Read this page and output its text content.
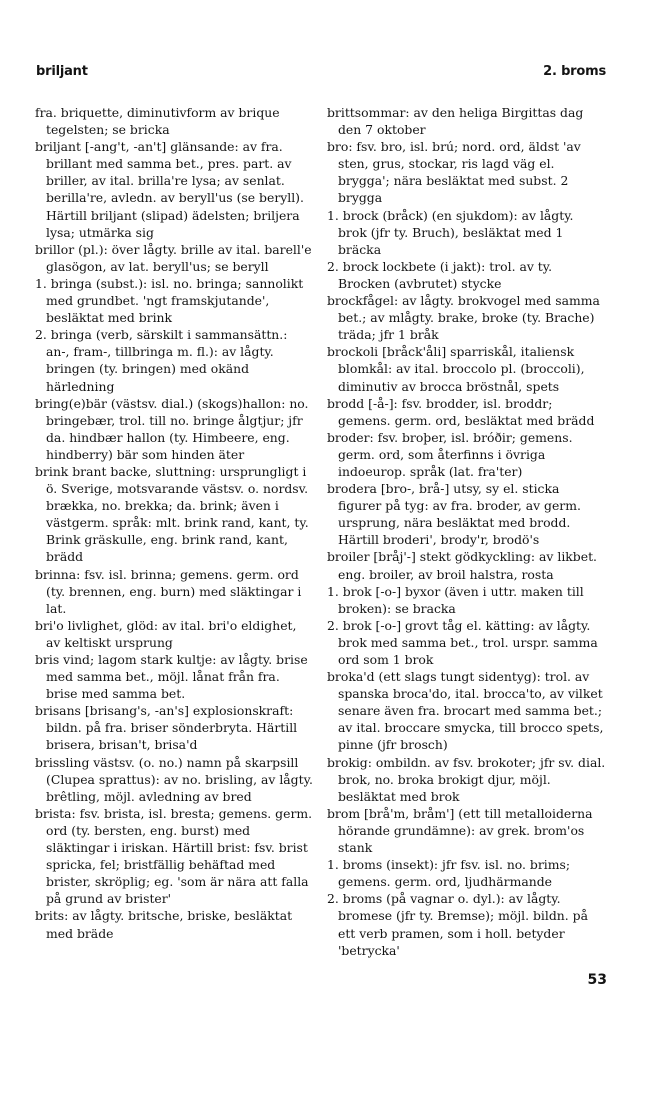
briljant	2. broms

fra. briquette, diminutivform av brique tegelsten; se bricka

briljant [-ang't, -an't] glänsande: av fra. brillant med samma bet., pres. part. av briller, av ital. brilla're lysa; av senlat. berilla're, avledn. av beryll'us (se beryll). Härtill briljant (slipad) ädelsten; briljera lysa; utmärka sig

brillor (pl.): över lågty. brille av ital. barell'e glasögon, av lat. beryll'us; se beryll

1. bringa (subst.): isl. no. bringa; sannolikt med grundbet. 'ngt framskjutande', besläktat med brink

2. bringa (verb, särskilt i sammansättn.: an-, fram-, tillbringa m. fl.): av lågty. bringen (ty. bringen) med okänd härledning

bring(e)bär (västsv. dial.) (skogs)hallon: no. bringebær, trol. till no. bringe ålgtjur; jfr da. hindbær hallon (ty. Himbeere, eng. hindberry) bär som hinden äter

brink brant backe, sluttning: ursprungligt i ö. Sverige, motsvarande västsv. o. nordsv. brækka, no. brekka; da. brink; även i västgerm. språk: mlt. brink rand, kant, ty. Brink gräskulle, eng. brink rand, kant, brädd

brinna: fsv. isl. brinna; gemens. germ. ord (ty. brennen, eng. burn) med släktingar i lat.

bri'o livlighet, glöd: av ital. bri'o eldighet, av keltiskt ursprung

bris vind; lagom stark kultje: av lågty. brise med samma bet., möjl. lånat från fra. brise med samma bet.

brisans [brisang's, -an's] explosionskraft: bildn. på fra. briser sönderbryta. Härtill brisera, brisan't, brisa'd

brissling västsv. (o. no.) namn på skarpsill (Clupea sprattus): av no. brisling, av lågty. brêtling, möjl. avledning av bred

brista: fsv. brista, isl. bresta; gemens. germ. ord (ty. bersten, eng. burst) med släktingar i iriskan. Härtill brist: fsv. brist spricka, fel; bristfällig behäftad med brister, skröplig; eg. 'som är nära att falla på grund av brister'

brits: av lågty. britsche, briske, besläktat med bräde

brittsommar: av den heliga Birgittas dag den 7 oktober

bro: fsv. bro, isl. brú; nord. ord, äldst 'av sten, grus, stockar, ris lagd väg el. brygga'; nära besläktat med subst. 2 brygga

1. brock (bråck) (en sjukdom): av lågty. brok (jfr ty. Bruch), besläktat med 1 bräcka

2. brock lockbete (i jakt): trol. av ty. Brocken (avbrutet) stycke

brockfågel: av lågty. brokvogel med samma bet.; av mlågty. brake, broke (ty. Brache) träda; jfr 1 bråk

brockoli [bråck'åli] sparriskål, italiensk blomkål: av ital. broccolo pl. (broccoli), diminutiv av brocca bröstnål, spets

brodd [-å-]: fsv. brodder, isl. broddr; gemens. germ. ord, besläktat med brädd

broder: fsv. broþer, isl. bróðir; gemens. germ. ord, som återfinns i övriga indoeurop. språk (lat. fra'ter)

brodera [bro-, brå-] utsy, sy el. sticka figurer på tyg: av fra. broder, av germ. ursprung, nära besläktat med brodd. Härtill broderi', brody'r, brodö's

broiler [bråj'-] stekt gödkyckling: av likbet. eng. broiler, av broil halstra, rosta

1. brok [-o-] byxor (även i uttr. maken till broken): se bracka

2. brok [-o-] grovt tåg el. kätting: av lågty. brok med samma bet., trol. urspr. samma ord som 1 brok

broka'd (ett slags tungt sidentyg): trol. av spanska broca'do, ital. brocca'to, av vilket senare även fra. brocart med samma bet.; av ital. broccare smycka, till brocco spets, pinne (jfr brosch)

brokig: ombildn. av fsv. brokoter; jfr sv. dial. brok, no. broka brokigt djur, möjl. besläktat med brok

brom [brå'm, bråm'] (ett till metalloiderna hörande grundämne): av grek. brom'os stank

1. broms (insekt): jfr fsv. isl. no. brims; gemens. germ. ord, ljudhärmande

2. broms (på vagnar o. dyl.): av lågty. bromese (jfr ty. Bremse); möjl. bildn. på ett verb pramen, som i holl. betyder 'betrycka'

53
